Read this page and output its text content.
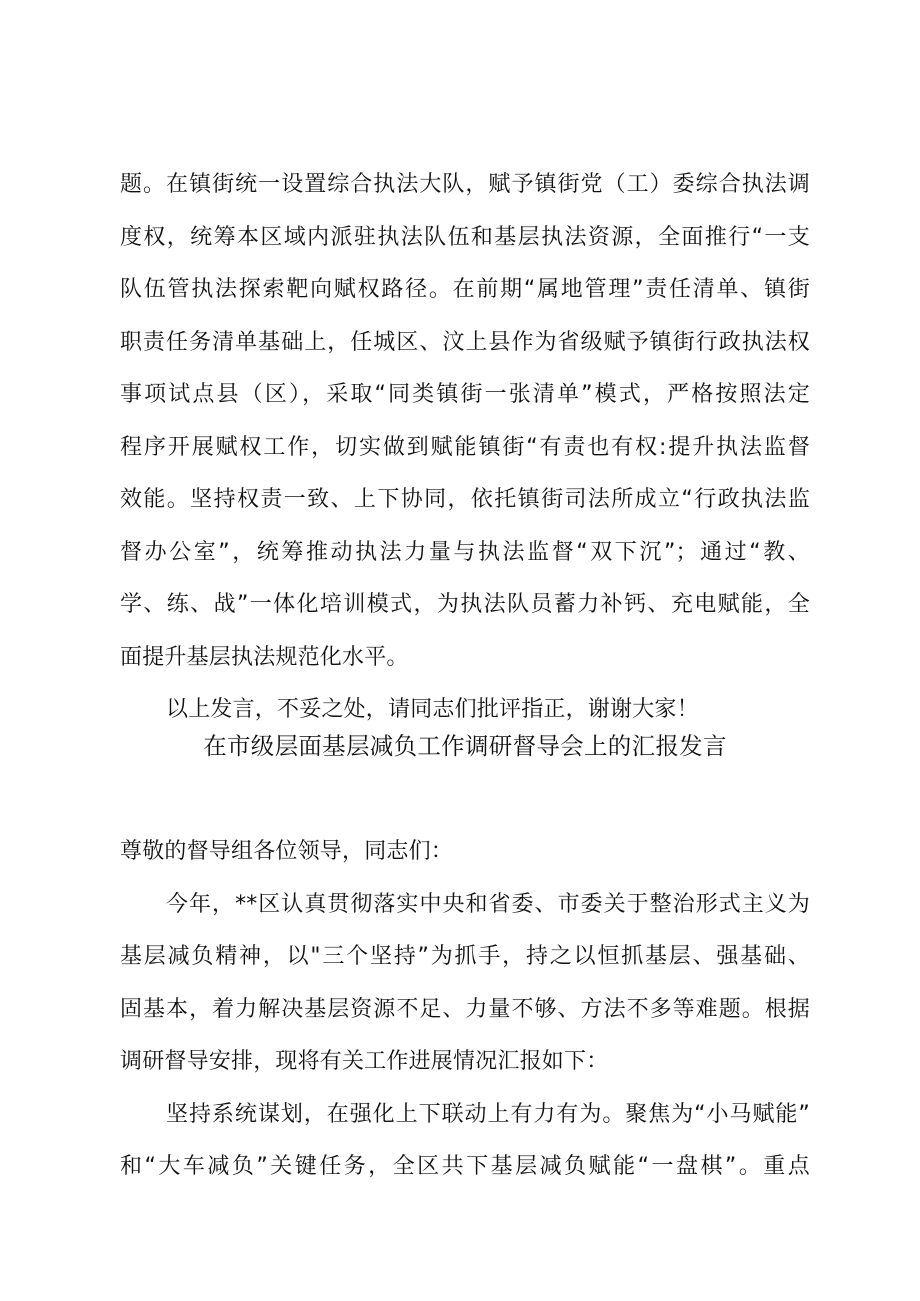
题。在镇街统一设置综合执法大队，赋予镇街党（工）委综合执法调
度权，统筹本区域内派驻执法队伍和基层执法资源，全面推行“一支
队伍管执法探索靶向赋权路径。在前期“属地管理”责任清单、镇街
职责任务清单基础上，任城区、汶上县作为省级赋予镇街行政执法权
事项试点县（区），采取“同类镇街一张清单”模式，严格按照法定
程序开展赋权工作，切实做到赋能镇街“有责也有权:提升执法监督
效能。坚持权责一致、上下协同，依托镇街司法所成立“行政执法监
督办公室”，统筹推动执法力量与执法监督“双下沉”；通过“教、
学、练、战”一体化培训模式，为执法队员蓄力补钙、充电赋能，全
面提升基层执法规范化水平。
以上发言，不妥之处，请同志们批评指正，谢谢大家！
在市级层面基层减负工作调研督导会上的汇报发言
尊敬的督导组各位领导，同志们：
今年，**区认真贯彻落实中央和省委、市委关于整治形式主义为
基层减负精神，以"三个坚持”为抓手，持之以恒抓基层、强基础、
固基本，着力解决基层资源不足、力量不够、方法不多等难题。根据
调研督导安排，现将有关工作进展情况汇报如下：
坚持系统谋划，在强化上下联动上有力有为。聚焦为“小马赋能”
和“大车减负”关键任务，全区共下基层减负赋能“一盘棋”。重点
